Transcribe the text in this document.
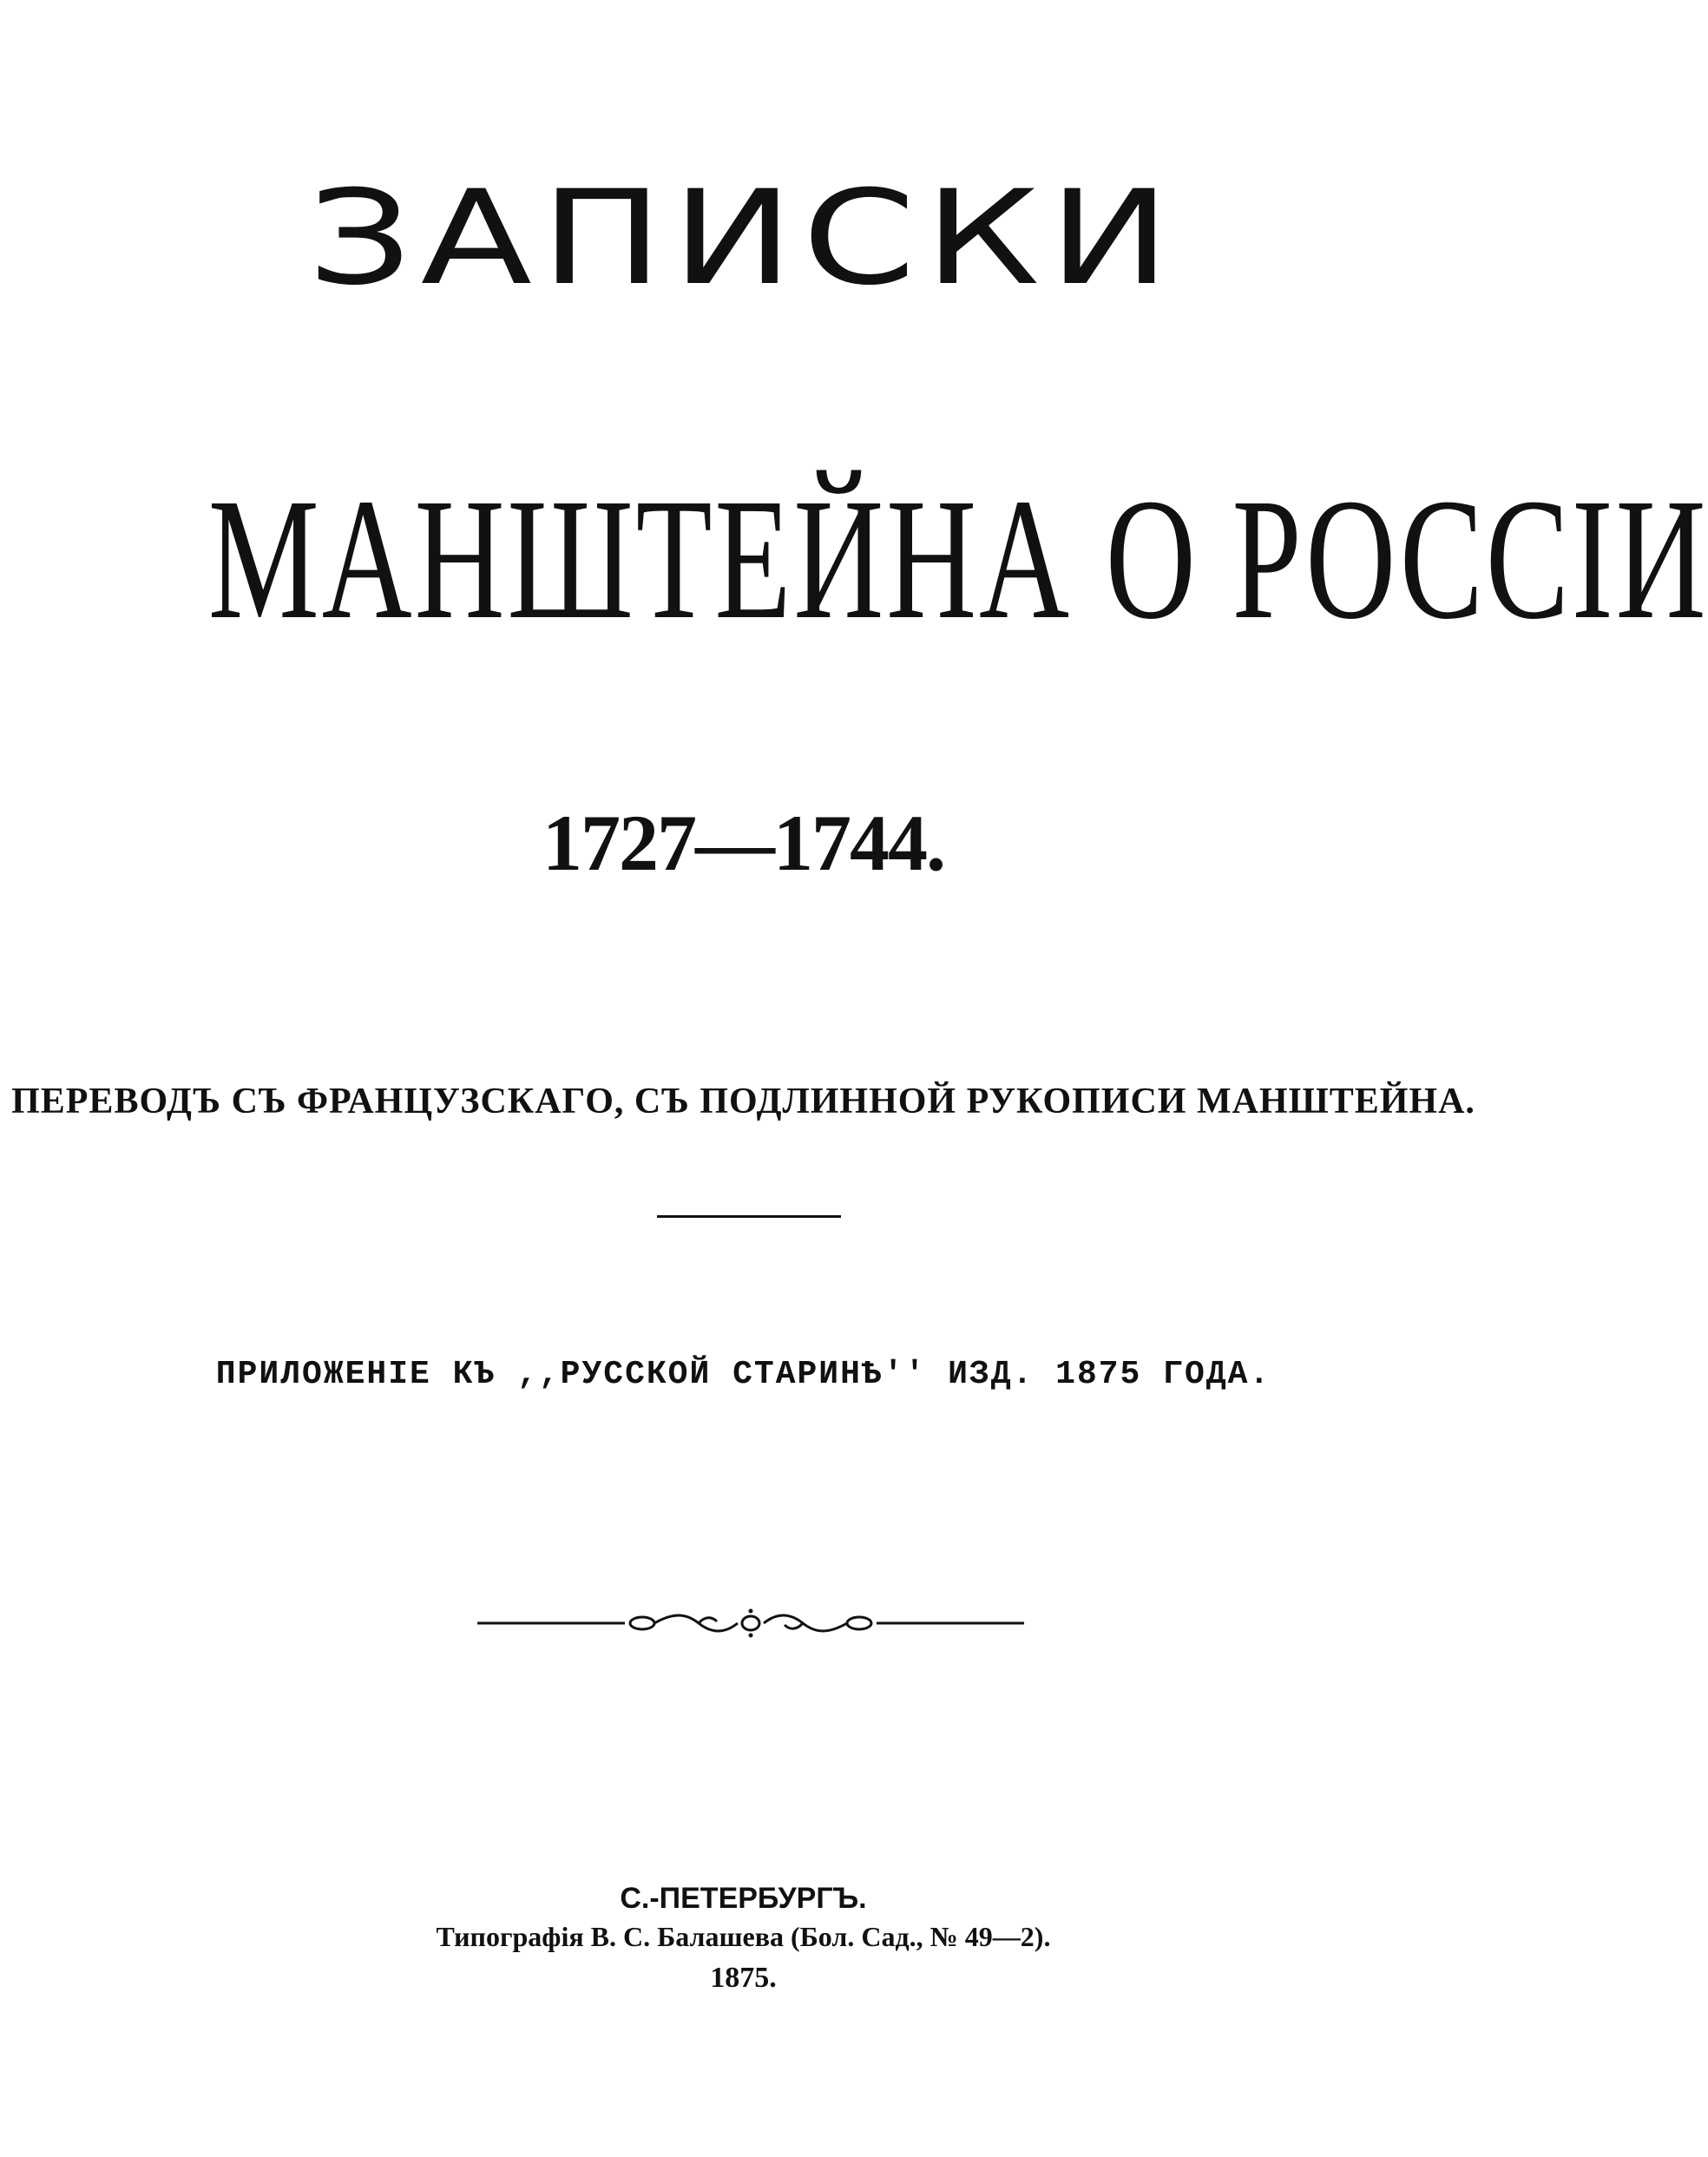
ЗАПИСКИ
МАНШТЕЙНА О РОССІИ
1727—1744.
ПЕРЕВОДЪ СЪ ФРАНЦУЗСКАГО, СЪ ПОДЛИННОЙ РУКОПИСИ МАНШТЕЙНА.
ПРИЛОЖЕНІЕ КЪ ,,РУССКОЙ СТАРИНѢ'' ИЗД. 1875 ГОДА.
С.-ПЕТЕРБУРГЪ.
Типографія В. С. Балашева (Бол. Сад., № 49—2).
1875.
